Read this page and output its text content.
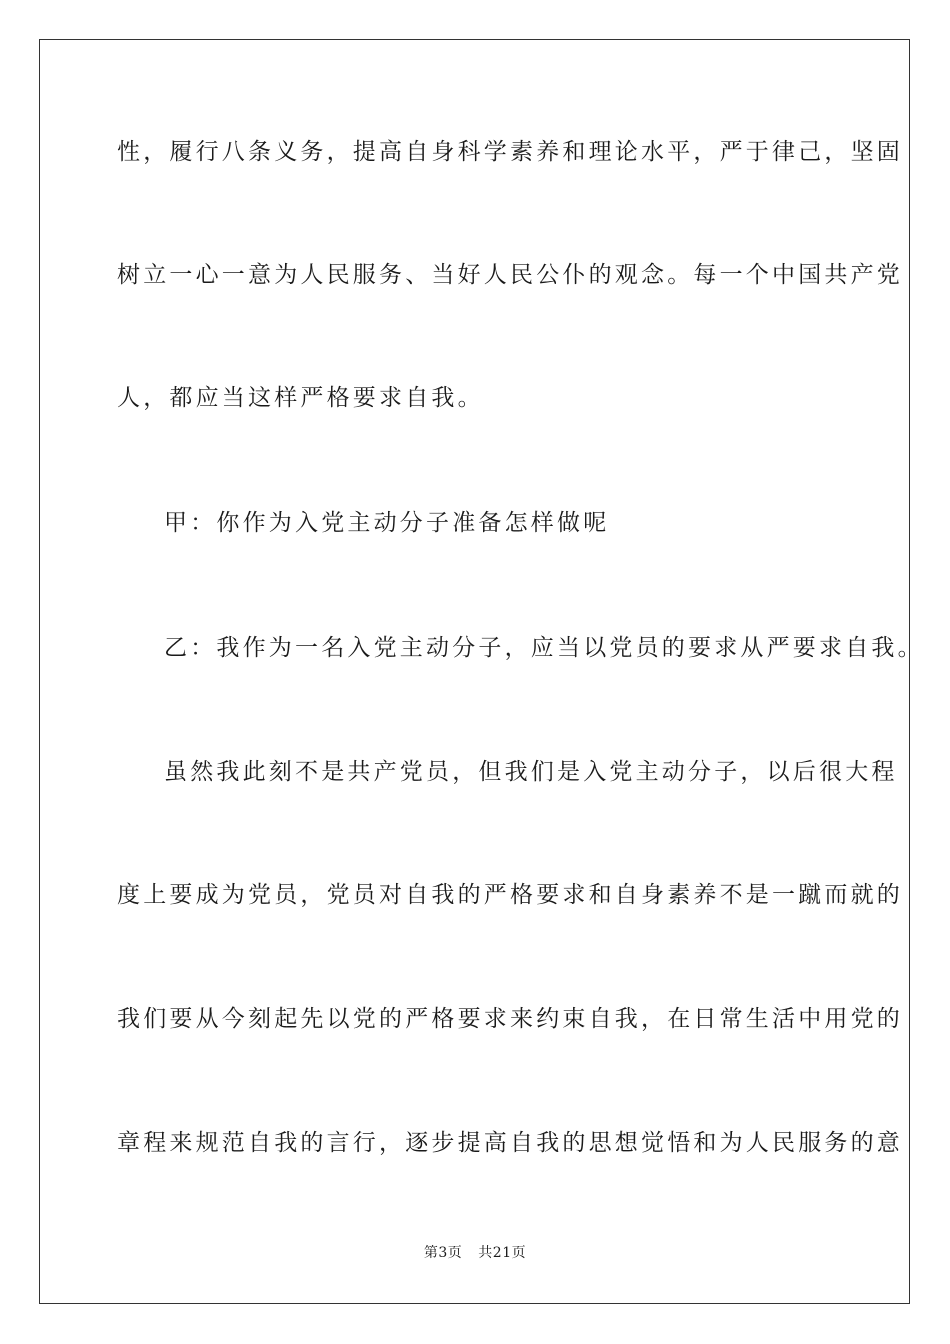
性，履行八条义务，提高自身科学素养和理论水平，严于律己，坚固
树立一心一意为人民服务、当好人民公仆的观念。每一个中国共产党
人，都应当这样严格要求自我。
甲：你作为入党主动分子准备怎样做呢
乙：我作为一名入党主动分子，应当以党员的要求从严要求自我。
虽然我此刻不是共产党员，但我们是入党主动分子，以后很大程
度上要成为党员，党员对自我的严格要求和自身素养不是一蹴而就的
我们要从今刻起先以党的严格要求来约束自我，在日常生活中用党的
章程来规范自我的言行，逐步提高自我的思想觉悟和为人民服务的意
第3页 共21页
